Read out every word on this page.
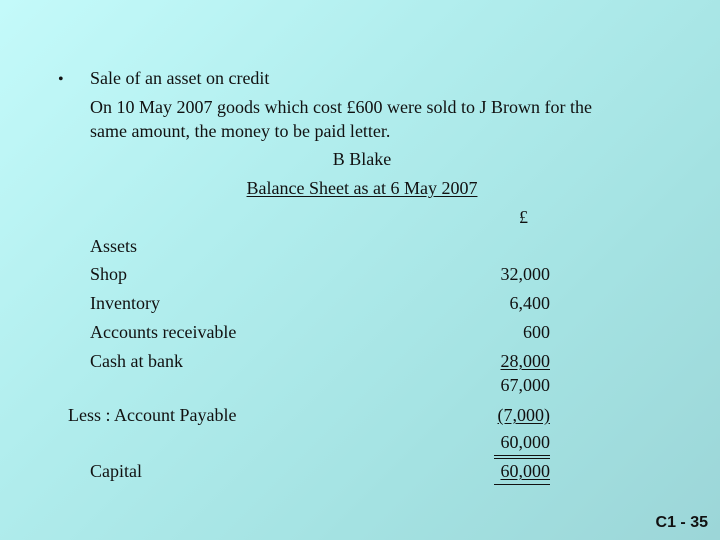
• Sale of an asset on credit
On 10 May 2007 goods which cost £600 were sold to J Brown for the
same amount, the money to be paid letter.
B Blake
Balance Sheet as at 6 May 2007
£
Assets
Shop	32,000
Inventory	6,400
Accounts receivable	600
Cash at bank	28,000
67,000
Less : Account Payable	(7,000)
60,000
Capital	60,000
C1 - 35
